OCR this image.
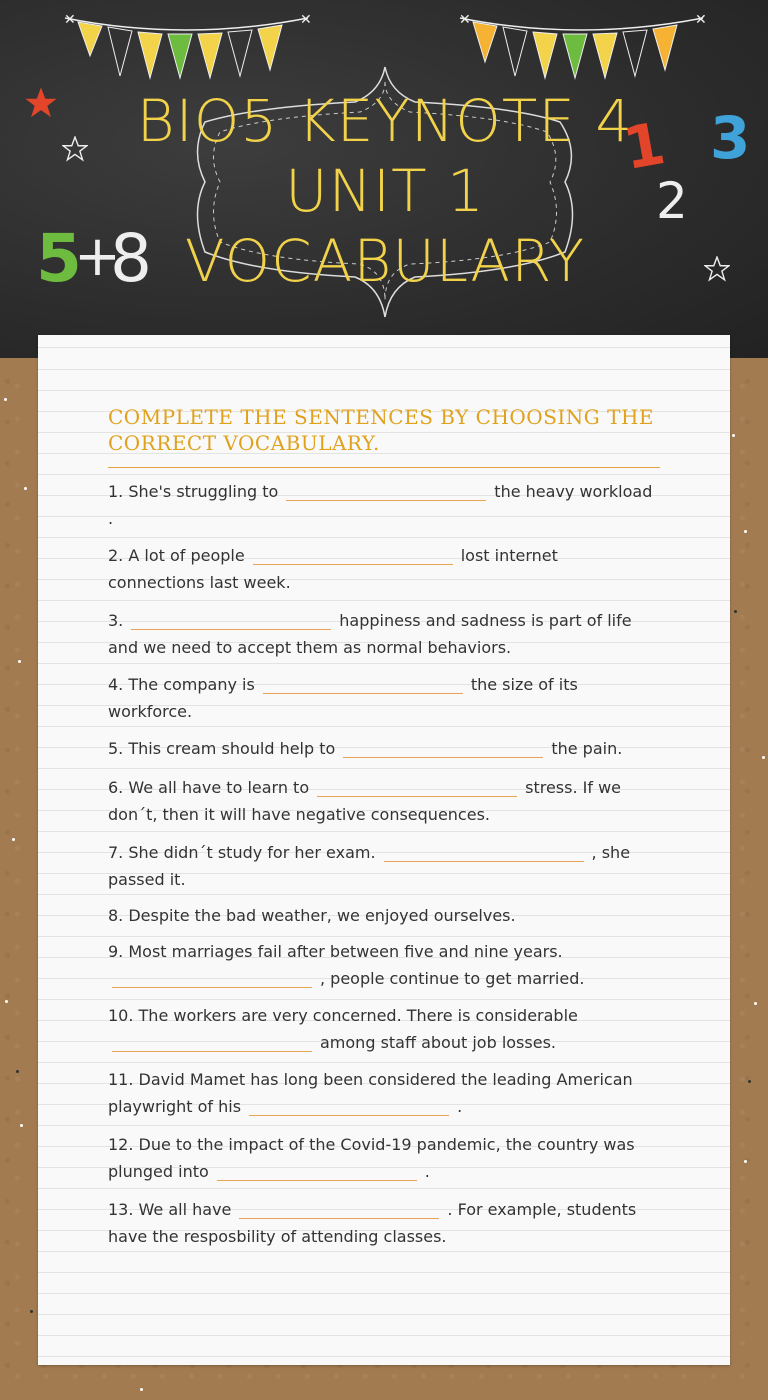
✕	✕	✕	✕
BIO5 KEYNOTE 4
UNIT 1
VOCABULARY
5
+
8
1
2
3
COMPLETE THE SENTENCES BY CHOOSING THE CORRECT VOCABULARY.
1. She's struggling to	the heavy workload .
2. A lot of people	lost internet connections last week.
3.	happiness and sadness is part of life and we need to accept them as normal behaviors.
4. The company is	the size of its workforce.
5. This cream should help to	the pain.
6. We all have to learn to	stress. If we don´t, then it will have negative consequences.
7. She didn´t study for her exam.	, she passed it.
8. Despite the bad weather, we enjoyed ourselves.
9. Most marriages fail after between five and nine years. , people continue to get married.
10. The workers are very concerned. There is considerable among staff about job losses.
11. David Mamet has long been considered the leading American playwright of his	.
12. Due to the impact of the Covid-19 pandemic, the country was plunged into	.
13. We all have	. For example, students have the resposbility of attending classes.
